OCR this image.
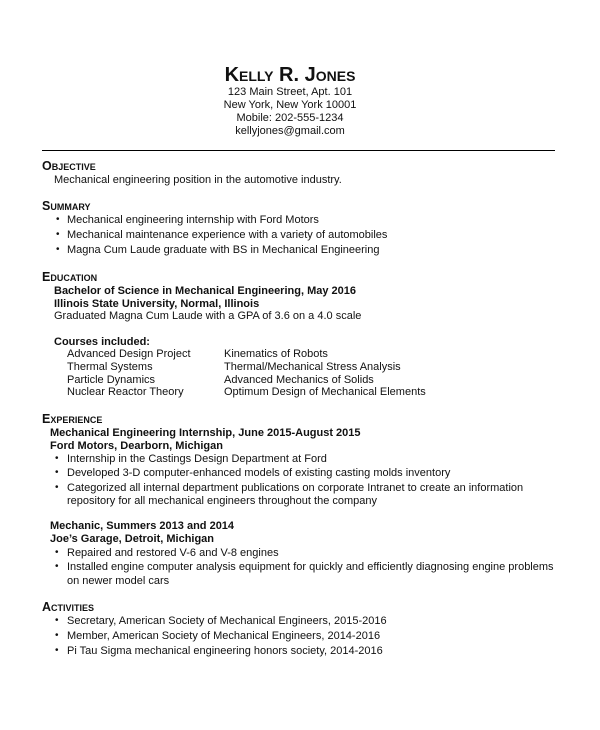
Kelly R. Jones
123 Main Street, Apt. 101
New York, New York 10001
Mobile: 202-555-1234
kellyjones@gmail.com
Objective
Mechanical engineering position in the automotive industry.
Summary
• Mechanical engineering internship with Ford Motors
• Mechanical maintenance experience with a variety of automobiles
• Magna Cum Laude graduate with BS in Mechanical Engineering
Education
Bachelor of Science in Mechanical Engineering, May 2016
Illinois State University, Normal, Illinois
Graduated Magna Cum Laude with a GPA of 3.6 on a 4.0 scale
Courses included:
Advanced Design Project
Thermal Systems
Particle Dynamics
Nuclear Reactor Theory
Kinematics of Robots
Thermal/Mechanical Stress Analysis
Advanced Mechanics of Solids
Optimum Design of Mechanical Elements
Experience
Mechanical Engineering Internship, June 2015-August 2015
Ford Motors, Dearborn, Michigan
• Internship in the Castings Design Department at Ford
• Developed 3-D computer-enhanced models of existing casting molds inventory
• Categorized all internal department publications on corporate Intranet to create an information
repository for all mechanical engineers throughout the company
Mechanic, Summers 2013 and 2014
Joe’s Garage, Detroit, Michigan
• Repaired and restored V-6 and V-8 engines
• Installed engine computer analysis equipment for quickly and efficiently diagnosing engine problems
on newer model cars
Activities
• Secretary, American Society of Mechanical Engineers, 2015-2016
• Member, American Society of Mechanical Engineers, 2014-2016
• Pi Tau Sigma mechanical engineering honors society, 2014-2016
